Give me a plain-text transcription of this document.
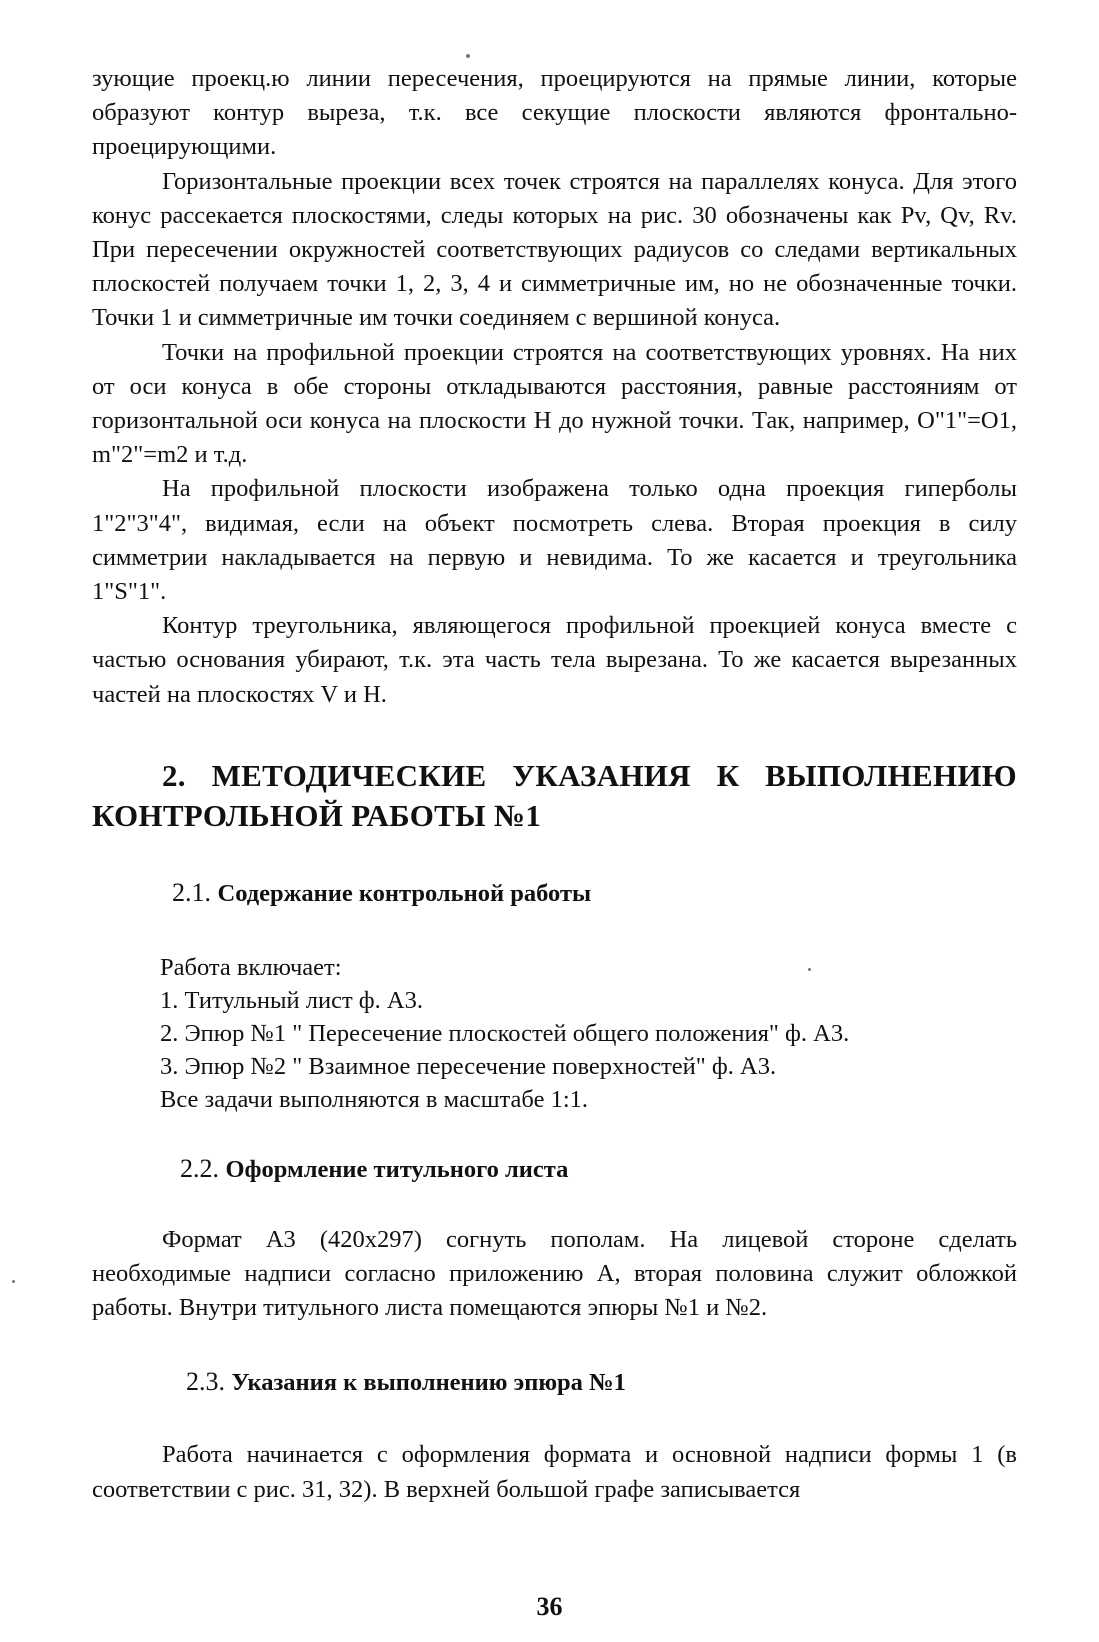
зующие проекц.ю линии пересечения, проецируются на прямые линии, которые образуют контур выреза, т.к. все секущие плоскости являются фронтально-проецирующими.

Горизонтальные проекции всех точек строятся на параллелях конуса. Для этого конус рассекается плоскостями, следы которых на рис. 30 обозначены как Pv, Qv, Rv. При пересечении окружностей соответствующих радиусов со следами вертикальных плоскостей получаем точки 1, 2, 3, 4 и симметричные им, но не обозначенные точки. Точки 1 и симметричные им точки соединяем с вершиной конуса.

Точки на профильной проекции строятся на соответствующих уровнях. На них от оси конуса в обе стороны откладываются расстояния, равные расстояниям от горизонтальной оси конуса на плоскости Н до нужной точки. Так, например, О"1"=О1, m"2"=m2 и т.д.

На профильной плоскости изображена только одна проекция гиперболы 1"2"3"4", видимая, если на объект посмотреть слева. Вторая проекция в силу симметрии накладывается на первую и невидима. То же касается и треугольника 1"S"1".

Контур треугольника, являющегося профильной проекцией конуса вместе с частью основания убирают, т.к. эта часть тела вырезана. То же касается вырезанных частей на плоскостях V и Н.

2. МЕТОДИЧЕСКИЕ УКАЗАНИЯ К ВЫПОЛНЕНИЮ КОНТРОЛЬНОЙ РАБОТЫ №1
2.1. Содержание контрольной работы

Работа включает:

1. Титульный лист ф. А3.

2. Эпюр №1 " Пересечение плоскостей общего положения" ф. А3.

3. Эпюр №2 " Взаимное пересечение поверхностей" ф. А3.

Все задачи выполняются в масштабе 1:1.

2.2. Оформление титульного листа

Формат А3 (420х297) согнуть пополам. На лицевой стороне сделать необходимые надписи согласно приложению А, вторая половина служит обложкой работы. Внутри титульного листа помещаются эпюры №1 и №2.

2.3. Указания к выполнению эпюра №1

Работа начинается с оформления формата и основной надписи формы 1 (в соответствии с рис. 31, 32). В верхней большой графе записывается

36
